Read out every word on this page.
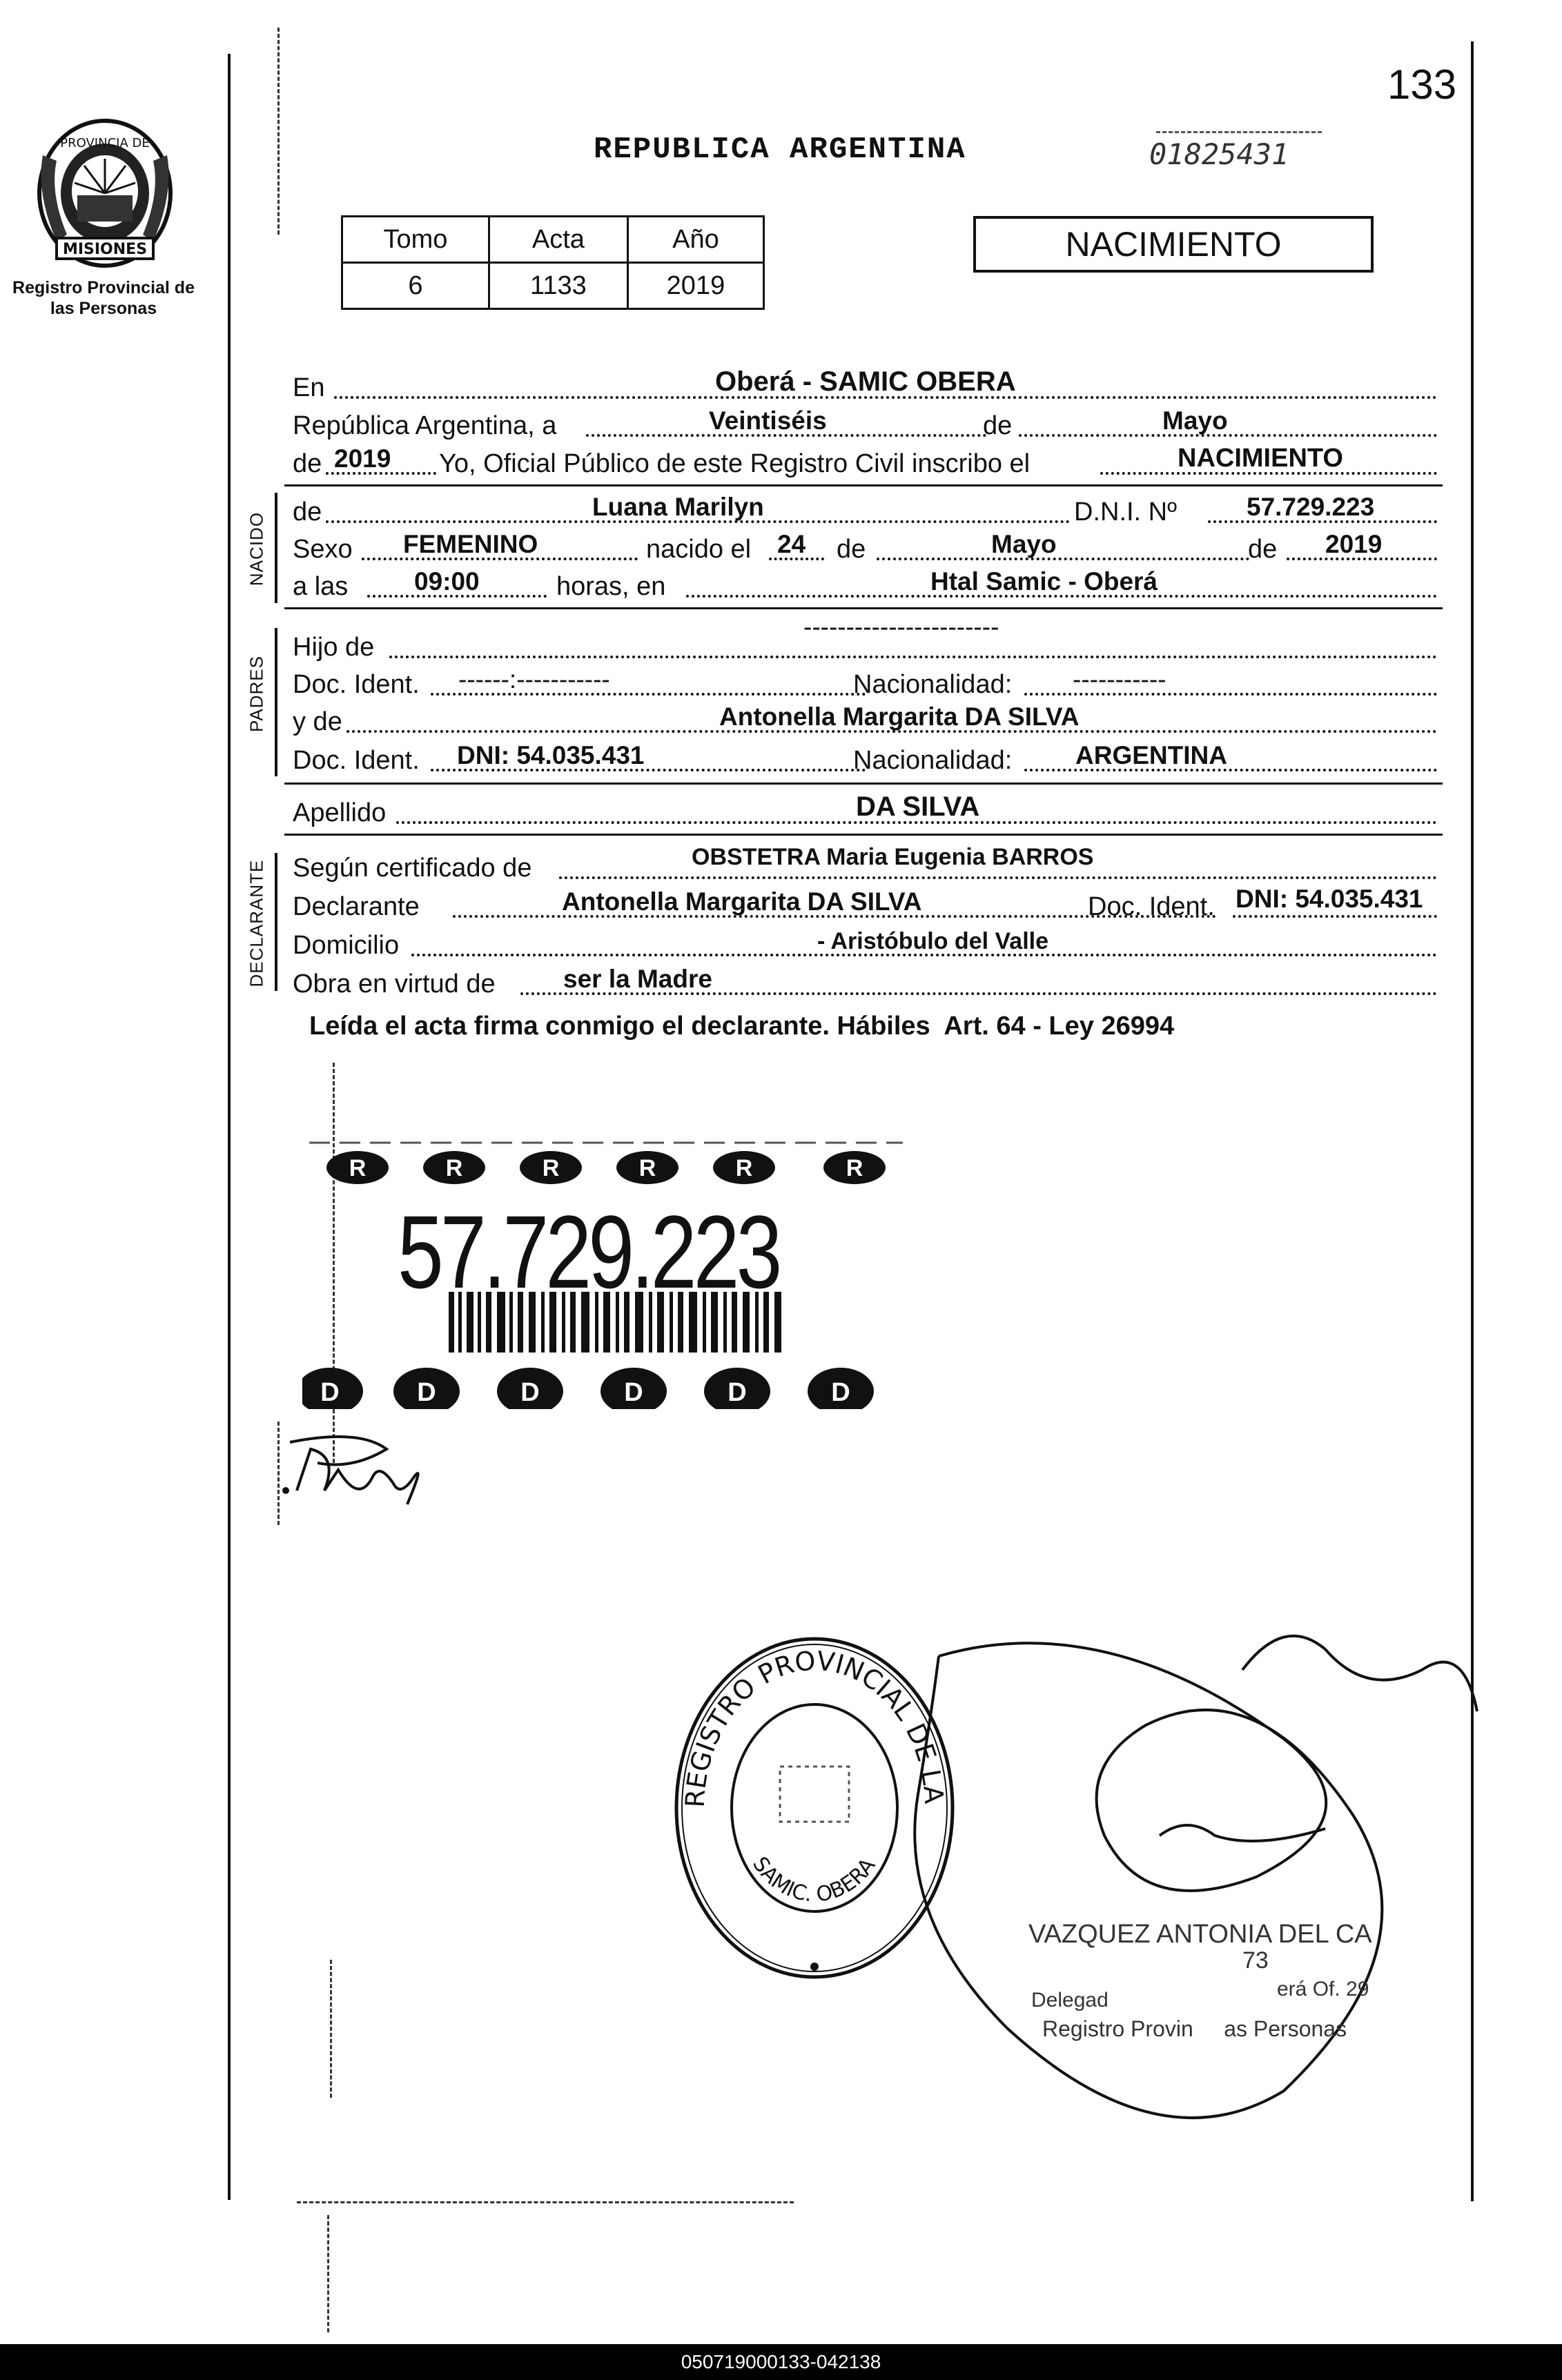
PROVINCIA DE
MISIONES
Registro Provincial de las Personas
133
REPUBLICA ARGENTINA	01825431
Tomo	Acta	Año
6	1133	2019
NACIMIENTO
En	Oberá - SAMIC OBERA
República Argentina, a	Veintiséis	de	Mayo
de 2019 Yo, Oficial Público de este Registro Civil inscribo el	NACIMIENTO
NACIDO de	Luana Marilyn	D.N.I. Nº	57.729.223
Sexo FEMENINO	nacido el 24 de	Mayo	de 2019
a las	09:00	horas, en	Htal Samic - Oberá
PADRES
Hijo de
-----------------------
Doc. Ident. ------:-----------	Nacionalidad: -----------
y de	Antonella Margarita DA SILVA
Doc. Ident. DNI: 54.035.431	Nacionalidad: ARGENTINA
Apellido	DA SILVA
DECLARANTE Según certificado de	OBSTETRA Maria Eugenia BARROS
Declarante	Antonella Margarita DA SILVA	Doc. Ident. DNI: 54.035.431
Domicilio	- Aristóbulo del Valle
Obra en virtud de	ser la Madre
Leída el acta firma conmigo el declarante. Hábiles  Art. 64 - Ley 26994
R	R	R	R	R	R
D	D	D	D	D	D
57.729.223
REGISTRO PROVINCIAL DE LA
SAMIC. OBERA
VAZQUEZ ANTONIA DEL CA
73
Delegad	erá Of. 29
Registro Provin     as Personas
050719000133-042138
